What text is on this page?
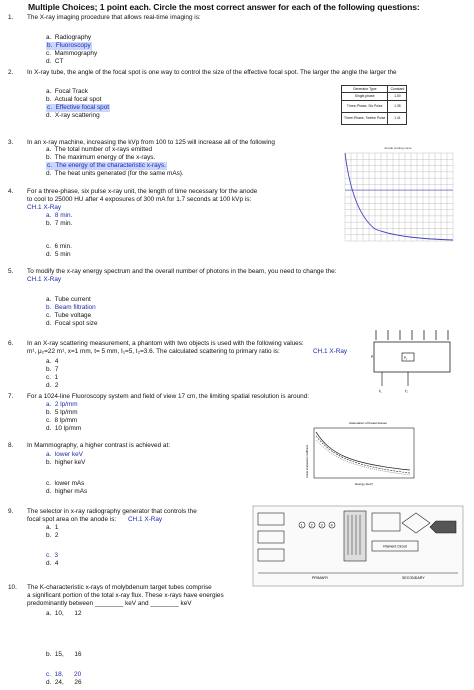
Multiple Choices; 1 point each. Circle the most correct answer for each of the following questions:
1. The X-ray imaging procedure that allows real-time imaging is:
a.  Radiography
b.  Fluoroscopy
c.  Mammography
d.  CT
2. In X-ray tube, the angle of the focal spot is one way to control the size of the effective focal spot. The larger the angle the larger the
a.  Focal Track
b.  Actual focal spot
c.  Effective focal spot
d.  X-ray scattering
Generator Type	Constant
Single-phase	1.00
Three-Phase, Six Pulse	1.35
Three-Phase, Twelve Pulse	1.41
3. In an x-ray machine, increasing the kVp from 100 to 125 will increase all of the following
a.  The total number of x-rays emitted
b.  The maximum energy of the x-rays.
c.  The energy of the characteristic x-rays.
d.  The heat units generated (for the same mAs).
Anode cooling curve
4. For a three-phase, six pulse x-ray unit, the length of time necessary for the anode
to cool to 25000 HU after 4 exposures of 300 mA for 1.7 seconds at 100 kVp is:
CH.1 X-Ray
a.  8 min.
b.  7 min.
c.  6 min.
d.  5 min
5. To modify the x-ray energy spectrum and the overall number of photons in the beam, you need to change the:
CH.1 X-Ray
a.  Tube current
b.  Beam filtration
c.  Tube voltage
d.  Focal spot size
6. In an X-ray scattering measurement, a phantom with two objects is used with the following values:
m¹, μ₂=22 m¹, x=1 mm, t= 5 mm, I₁=5, I₂=3.6. The calculated scattering to primary ratio is:	CH.1 X-Ray
a.  4
b.  7
c.  1
d.  2
P₁	P₂
I₁	I₂
7. For a 1024-line Fluoroscopy system and field of view 17 cm, the limiting spatial resolution is around:
a.  2 lp/mm
b.  5 lp/mm
c.  8 lp/mm
d.  10 lp/mm
Attenuation of breast tissues
Energy (keV)
Linear attenuation coefficient
8. In Mammography, a higher contrast is achieved at:
a.  lower keV
b.  higher keV
c.  lower mAs
d.  higher mAs
9. The selector in x-ray radiography generator that controls the
focal spot area on the anode is: CH.1 X-Ray
a.  1
b.  2
c.  3
d.  4
1 2 3 4
Filament Circuit
PRIMARY	SECONDARY
10. The K-characteristic x-rays of molybdenum target tubes comprise
a significant portion of the total x-ray flux. These x-rays have energies
predominantly between ________ keV and ________ keV
a.  10,      12
b.  15,      16
c.  18,      20
d.  24,      26
